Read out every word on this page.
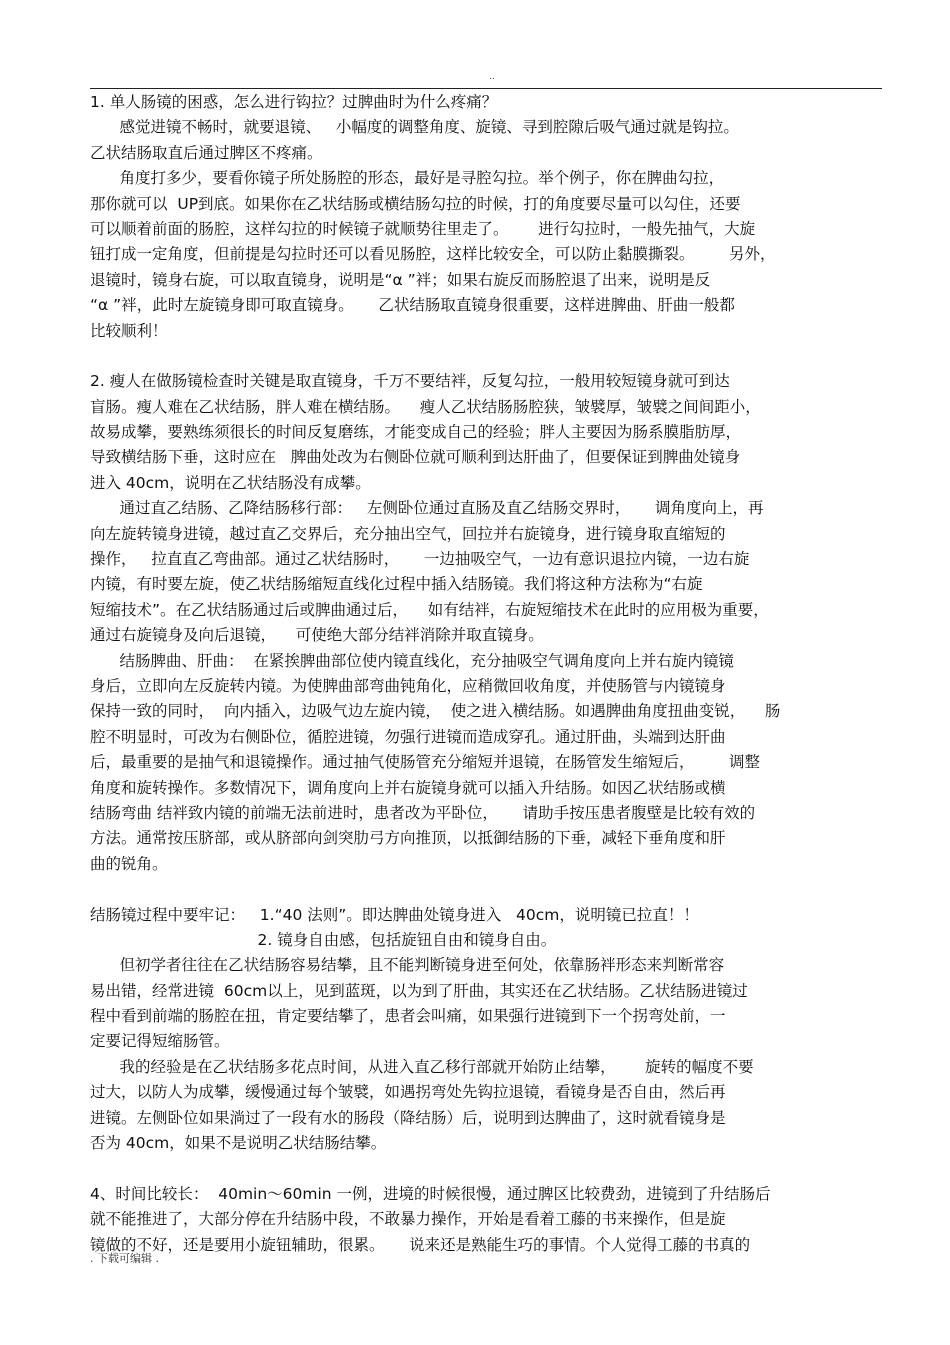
..
1. 单人肠镜的困惑，怎么进行钩拉？过脾曲时为什么疼痛？
感觉进镜不畅时，就要退镜、   小幅度的调整角度、旋镜、寻到腔隙后吸气通过就是钩拉。
乙状结肠取直后通过脾区不疼痛。
角度打多少，要看你镜子所处肠腔的形态，最好是寻腔勾拉。举个例子，你在脾曲勾拉，
那你就可以  UP到底。如果你在乙状结肠或横结肠勾拉的时候，打的角度要尽量可以勾住，还要
可以顺着前面的肠腔，这样勾拉的时候镜子就顺势往里走了。      进行勾拉时，一般先抽气，大旋
钮打成一定角度，但前提是勾拉时还可以看见肠腔，这样比较安全，可以防止黏膜撕裂。       另外，
退镜时，镜身右旋，可以取直镜身，说明是“α ”袢；如果右旋反而肠腔退了出来，说明是反
“α ”袢，此时左旋镜身即可取直镜身。     乙状结肠取直镜身很重要，这样进脾曲、肝曲一般都
比较顺利！
2. 瘦人在做肠镜检查时关键是取直镜身，千万不要结袢，反复勾拉，一般用较短镜身就可到达
盲肠。瘦人难在乙状结肠，胖人难在横结肠。    瘦人乙状结肠肠腔狭，皱襞厚，皱襞之间间距小，
故易成攀，要熟练须很长的时间反复磨练，才能变成自己的经验；胖人主要因为肠系膜脂肪厚，
导致横结肠下垂，这时应在   脾曲处改为右侧卧位就可顺利到达肝曲了，但要保证到脾曲处镜身
进入 40cm，说明在乙状结肠没有成攀。
通过直乙结肠、乙降结肠移行部：   左侧卧位通过直肠及直乙结肠交界时，     调角度向上，再
向左旋转镜身进镜，越过直乙交界后，充分抽出空气，回拉并右旋镜身，进行镜身取直缩短的
操作，   拉直直乙弯曲部。通过乙状结肠时，     一边抽吸空气，一边有意识退拉内镜，一边右旋
内镜，有时要左旋，使乙状结肠缩短直线化过程中插入结肠镜。我们将这种方法称为“右旋
短缩技术”。在乙状结肠通过后或脾曲通过后，    如有结袢，右旋短缩技术在此时的应用极为重要，
通过右旋镜身及向后退镜，    可使绝大部分结袢消除并取直镜身。
结肠脾曲、肝曲：  在紧挨脾曲部位使内镜直线化，充分抽吸空气调角度向上并右旋内镜镜
身后，立即向左反旋转内镜。为使脾曲部弯曲钝角化，应稍微回收角度，并使肠管与内镜镜身
保持一致的同时，  向内插入，边吸气边左旋内镜，  使之进入横结肠。如遇脾曲角度扭曲变锐，    肠
腔不明显时，可改为右侧卧位，循腔进镜，勿强行进镜而造成穿孔。通过肝曲，头端到达肝曲
后，最重要的是抽气和退镜操作。通过抽气使肠管充分缩短并退镜，在肠管发生缩短后，       调整
角度和旋转操作。多数情况下，调角度向上并右旋镜身就可以插入升结肠。如因乙状结肠或横
结肠弯曲 结袢致内镜的前端无法前进时，患者改为平卧位，     请助手按压患者腹壁是比较有效的
方法。通常按压脐部，或从脐部向剑突肋弓方向推顶，以抵御结肠的下垂，减轻下垂角度和肝
曲的锐角。
结肠镜过程中要牢记：   1.“40 法则”。即达脾曲处镜身进入   40cm，说明镜已拉直！！
2. 镜身自由感，包括旋钮自由和镜身自由。
但初学者往往在乙状结肠容易结攀，且不能判断镜身进至何处，依靠肠袢形态来判断常容
易出错，经常进镜  60cm以上，见到蓝斑，以为到了肝曲，其实还在乙状结肠。乙状结肠进镜过
程中看到前端的肠腔在扭，肯定要结攀了，患者会叫痛，如果强行进镜到下一个拐弯处前，一
定要记得短缩肠管。
我的经验是在乙状结肠多花点时间，从进入直乙移行部就开始防止结攀，      旋转的幅度不要
过大，以防人为成攀，缓慢通过每个皱襞，如遇拐弯处先钩拉退镜，看镜身是否自由，然后再
进镜。左侧卧位如果淌过了一段有水的肠段（降结肠）后，说明到达脾曲了，这时就看镜身是
否为 40cm，如果不是说明乙状结肠结攀。
4、时间比较长：  40min～60min 一例，进境的时候很慢，通过脾区比较费劲，进镜到了升结肠后
就不能推进了，大部分停在升结肠中段，不敢暴力操作，开始是看着工藤的书来操作，但是旋
镜做的不好，还是要用小旋钮辅助，很累。     说来还是熟能生巧的事情。个人觉得工藤的书真的
. 下载可编辑 .
